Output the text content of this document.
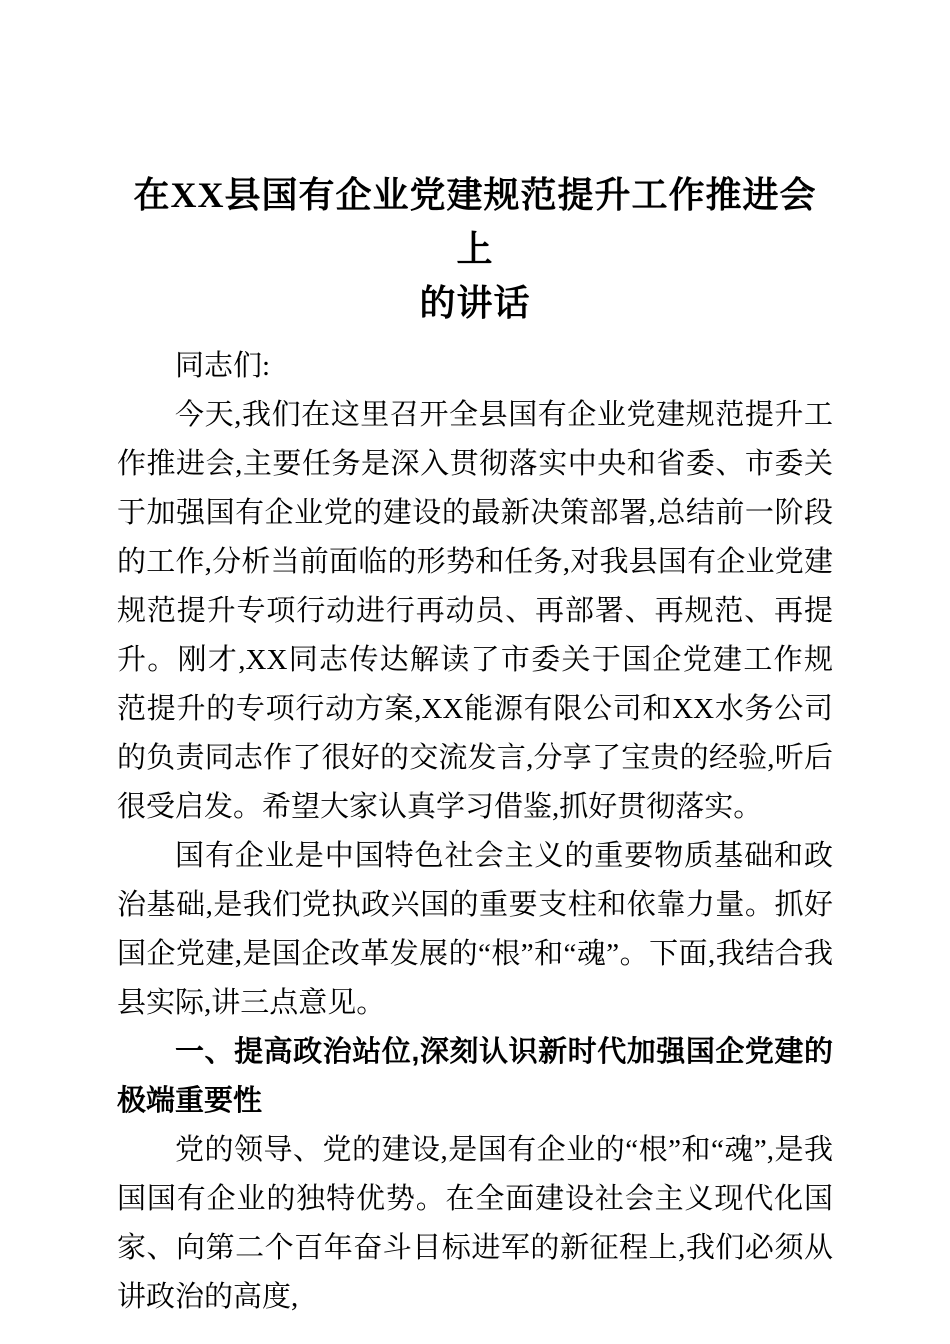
在XX县国有企业党建规范提升工作推进会上
的讲话

同志们:

今天,我们在这里召开全县国有企业党建规范提升工作推进会,主要任务是深入贯彻落实中央和省委、市委关于加强国有企业党的建设的最新决策部署,总结前一阶段的工作,分析当前面临的形势和任务,对我县国有企业党建规范提升专项行动进行再动员、再部署、再规范、再提升。刚才,XX同志传达解读了市委关于国企党建工作规范提升的专项行动方案,XX能源有限公司和XX水务公司的负责同志作了很好的交流发言,分享了宝贵的经验,听后很受启发。希望大家认真学习借鉴,抓好贯彻落实。

国有企业是中国特色社会主义的重要物质基础和政治基础,是我们党执政兴国的重要支柱和依靠力量。抓好国企党建,是国企改革发展的“根”和“魂”。下面,我结合我县实际,讲三点意见。

一、提高政治站位,深刻认识新时代加强国企党建的极端重要性

党的领导、党的建设,是国有企业的“根”和“魂”,是我国国有企业的独特优势。在全面建设社会主义现代化国家、向第二个百年奋斗目标进军的新征程上,我们必须从讲政治的高度,
